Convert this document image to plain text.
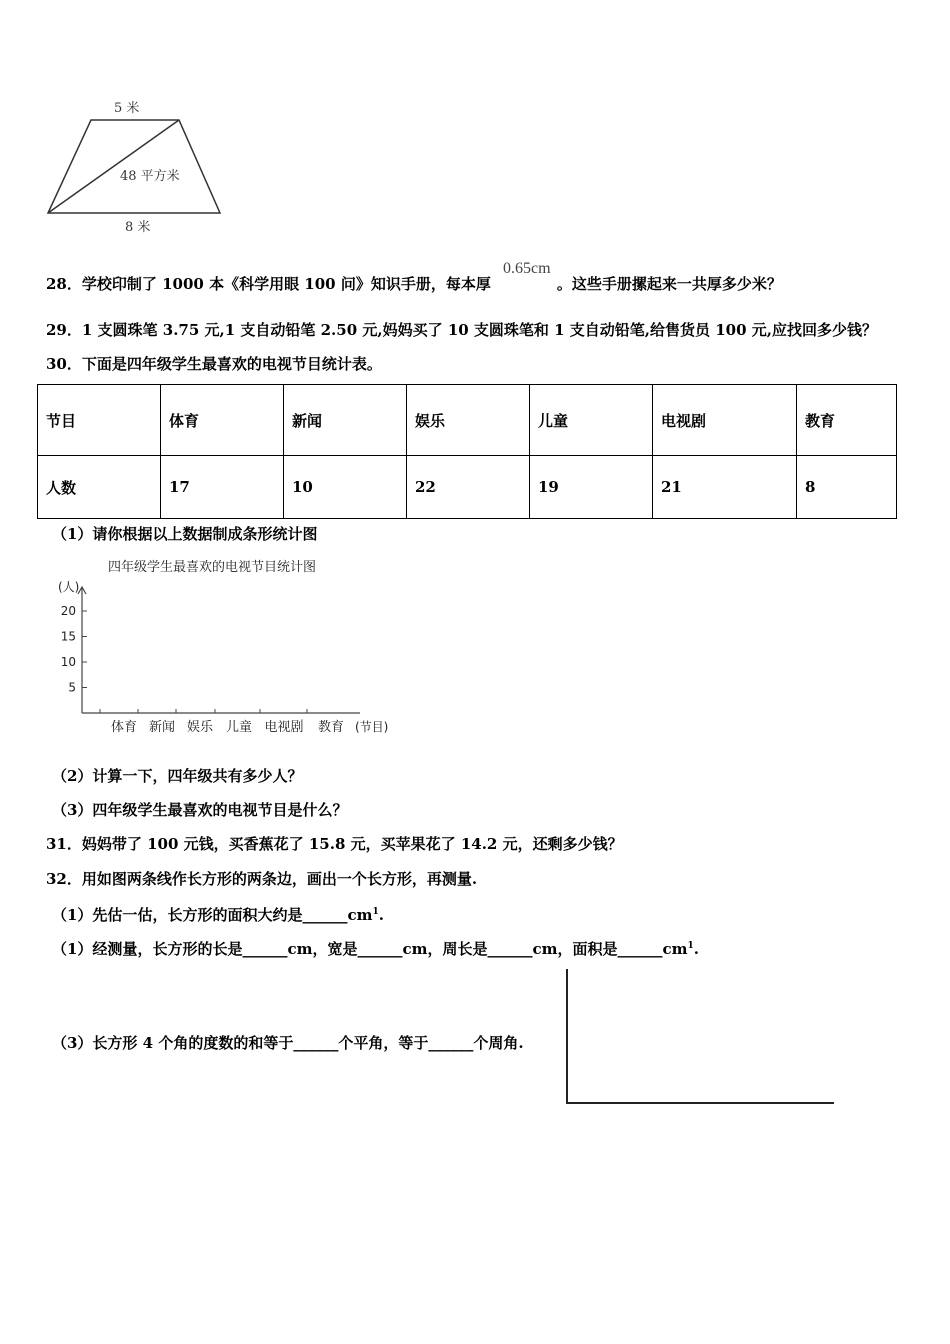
5 米
48 平方米
8 米
28．学校印制了 1000 本《科学用眼 100 问》知识手册，每本厚	。这些手册摞起来一共厚多少米？
0.65cm
29．1 支圆珠笔 3.75 元,1 支自动铅笔 2.50 元,妈妈买了 10 支圆珠笔和 1 支自动铅笔,给售货员 100 元,应找回多少钱？
30．下面是四年级学生最喜欢的电视节目统计表。
节目	体育	新闻	娱乐	儿童	电视剧	教育
人数	17	10	22	19	21	8
（1）请你根据以上数据制成条形统计图
四年级学生最喜欢的电视节目统计图
(人)
20
15
10
5
体育 新闻 娱乐 儿童 电视剧 教育 (节目)
（2）计算一下，四年级共有多少人？
（3）四年级学生最喜欢的电视节目是什么？
31．妈妈带了 100 元钱，买香蕉花了 15.8 元，买苹果花了 14.2 元，还剩多少钱？
32．用如图两条线作长方形的两条边，画出一个长方形，再测量.
（1）先估一估，长方形的面积大约是$\_\_\_\_\_\_cm^1$.
（1）经测量，长方形的长是______cm，宽是______cm，周长是______cm，面积是$\_\_\_\_\_\_cm^1$.
（3）长方形 4 个角的度数的和等于______个平角，等于______个周角.
